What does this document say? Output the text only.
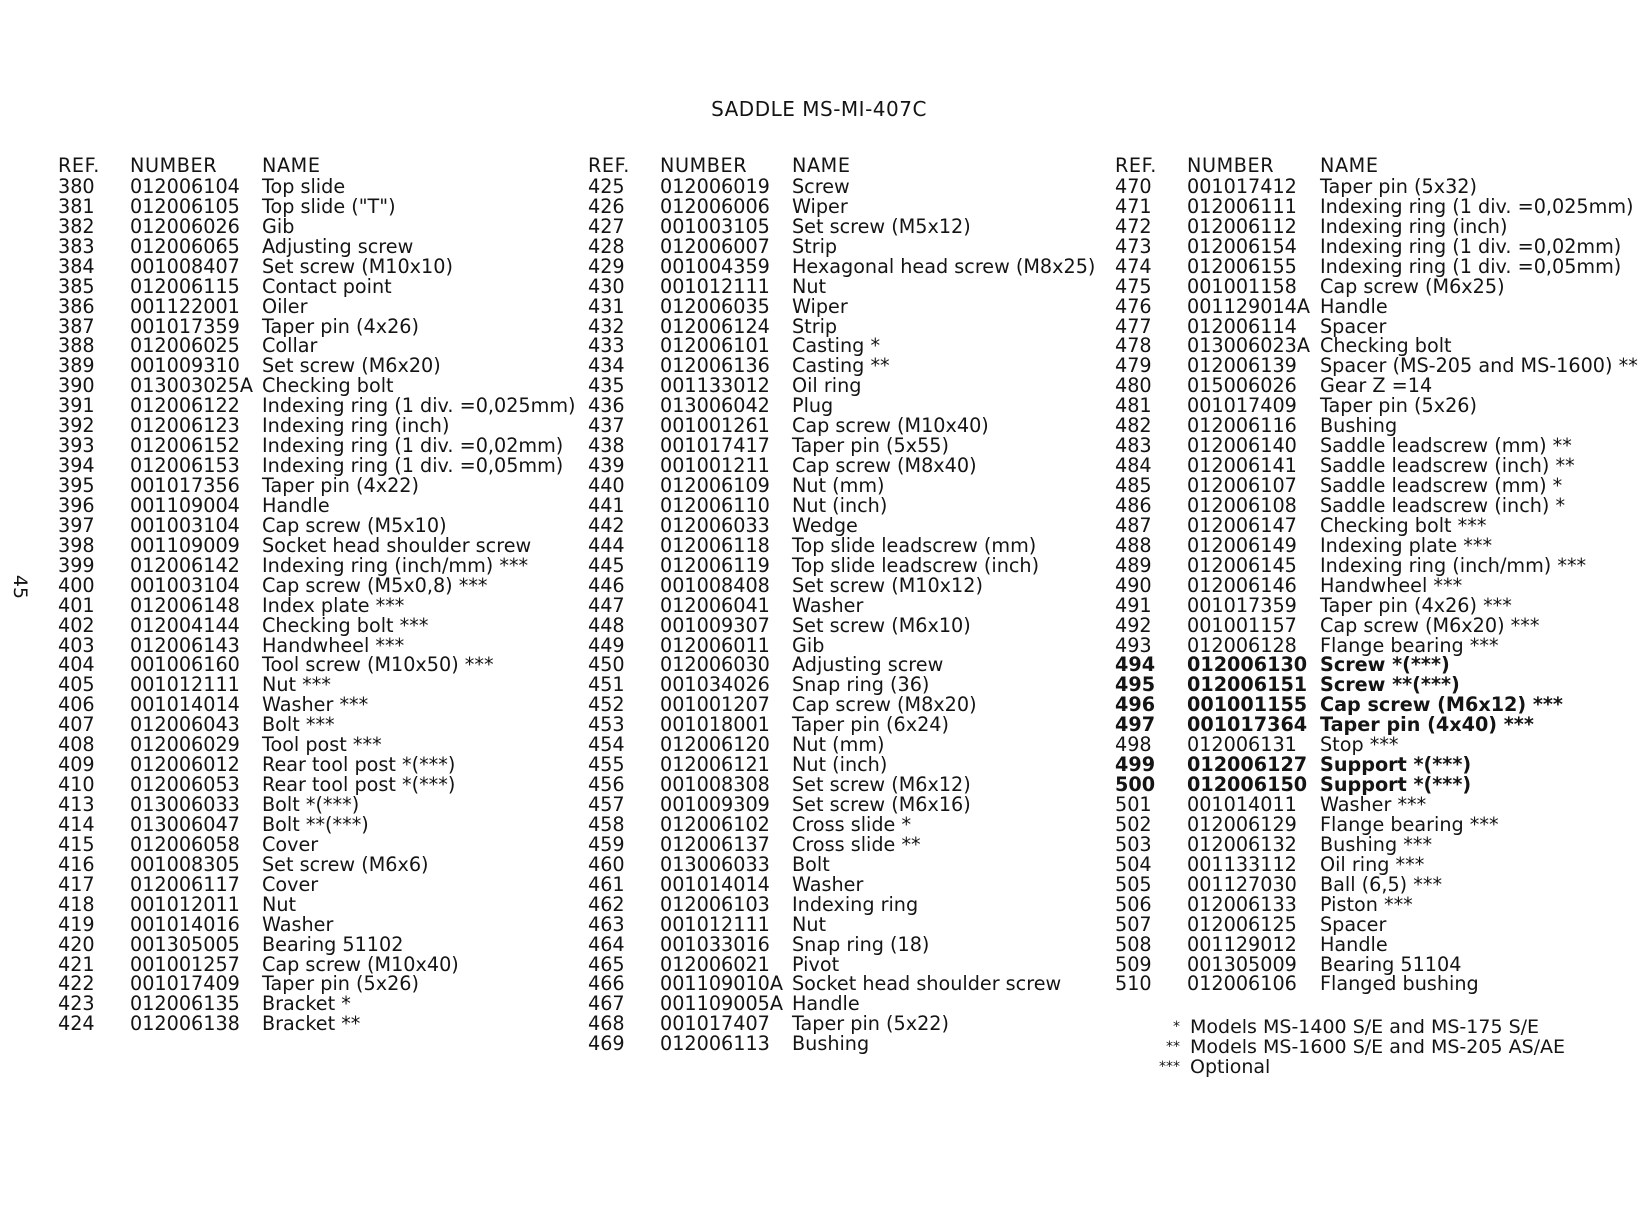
SADDLE MS-MI-407C
45
REF.	NUMBER	NAME
380	012006104	Top slide
381	012006105	Top slide ("T")
382	012006026	Gib
383	012006065	Adjusting screw
384	001008407	Set screw (M10x10)
385	012006115	Contact point
386	001122001	Oiler
387	001017359	Taper pin (4x26)
388	012006025	Collar
389	001009310	Set screw (M6x20)
390	013003025A Checking bolt
391	012006122	Indexing ring (1 div. =0,025mm)
392	012006123	Indexing ring (inch)
393	012006152	Indexing ring (1 div. =0,02mm)
394	012006153	Indexing ring (1 div. =0,05mm)
395	001017356	Taper pin (4x22)
396	001109004	Handle
397	001003104	Cap screw (M5x10)
398	001109009	Socket head shoulder screw
399	012006142	Indexing ring (inch/mm) ***
400	001003104	Cap screw (M5x0,8) ***
401	012006148	Index plate ***
402	012004144	Checking bolt ***
403	012006143	Handwheel ***
404	001006160	Tool screw (M10x50) ***
405	001012111	Nut ***
406	001014014	Washer ***
407	012006043	Bolt ***
408	012006029	Tool post ***
409	012006012	Rear tool post *(***)
410	012006053	Rear tool post *(***)
413	013006033	Bolt *(***)
414	013006047	Bolt **(***)
415	012006058	Cover
416	001008305	Set screw (M6x6)
417	012006117	Cover
418	001012011	Nut
419	001014016	Washer
420	001305005	Bearing 51102
421	001001257	Cap screw (M10x40)
422	001017409	Taper pin (5x26)
423	012006135	Bracket *
424	012006138	Bracket **
REF.	NUMBER	NAME
425	012006019	Screw
426	012006006	Wiper
427	001003105	Set screw (M5x12)
428	012006007	Strip
429	001004359	Hexagonal head screw (M8x25)
430	001012111	Nut
431	012006035	Wiper
432	012006124	Strip
433	012006101	Casting *
434	012006136	Casting **
435	001133012	Oil ring
436	013006042	Plug
437	001001261	Cap screw (M10x40)
438	001017417	Taper pin (5x55)
439	001001211	Cap screw (M8x40)
440	012006109	Nut (mm)
441	012006110	Nut (inch)
442	012006033	Wedge
444	012006118	Top slide leadscrew (mm)
445	012006119	Top slide leadscrew (inch)
446	001008408	Set screw (M10x12)
447	012006041	Washer
448	001009307	Set screw (M6x10)
449	012006011	Gib
450	012006030	Adjusting screw
451	001034026	Snap ring (36)
452	001001207	Cap screw (M8x20)
453	001018001	Taper pin (6x24)
454	012006120	Nut (mm)
455	012006121	Nut (inch)
456	001008308	Set screw (M6x12)
457	001009309	Set screw (M6x16)
458	012006102	Cross slide *
459	012006137	Cross slide **
460	013006033	Bolt
461	001014014	Washer
462	012006103	Indexing ring
463	001012111	Nut
464	001033016	Snap ring (18)
465	012006021	Pivot
466	001109010A Socket head shoulder screw
467	001109005A Handle
468	001017407	Taper pin (5x22)
469	012006113	Bushing
REF.	NUMBER	NAME
470	001017412	Taper pin (5x32)
471	012006111	Indexing ring (1 div. =0,025mm)
472	012006112	Indexing ring (inch)
473	012006154	Indexing ring (1 div. =0,02mm)
474	012006155	Indexing ring (1 div. =0,05mm)
475	001001158	Cap screw (M6x25)
476	001129014A Handle
477	012006114	Spacer
478	013006023A Checking bolt
479	012006139	Spacer (MS-205 and MS-1600) **
480	015006026	Gear Z =14
481	001017409	Taper pin (5x26)
482	012006116	Bushing
483	012006140	Saddle leadscrew (mm) **
484	012006141	Saddle leadscrew (inch) **
485	012006107	Saddle leadscrew (mm) *
486	012006108	Saddle leadscrew (inch) *
487	012006147	Checking bolt ***
488	012006149	Indexing plate ***
489	012006145	Indexing ring (inch/mm) ***
490	012006146	Handwheel ***
491	001017359	Taper pin (4x26) ***
492	001001157	Cap screw (M6x20) ***
493	012006128	Flange bearing ***
494	012006130 Screw *(***)
495	012006151 Screw **(***)
496	001001155 Cap screw (M6x12) ***
497	001017364 Taper pin (4x40) ***
498	012006131	Stop ***
499	012006127 Support *(***)
500	012006150 Support *(***)
501	001014011	Washer ***
502	012006129	Flange bearing ***
503	012006132	Bushing ***
504	001133112	Oil ring ***
505	001127030	Ball (6,5) ***
506	012006133	Piston ***
507	012006125	Spacer
508	001129012	Handle
509	001305009	Bearing 51104
510	012006106	Flanged bushing
* Models MS-1400 S/E and MS-175 S/E
** Models MS-1600 S/E and MS-205 AS/AE
*** Optional
